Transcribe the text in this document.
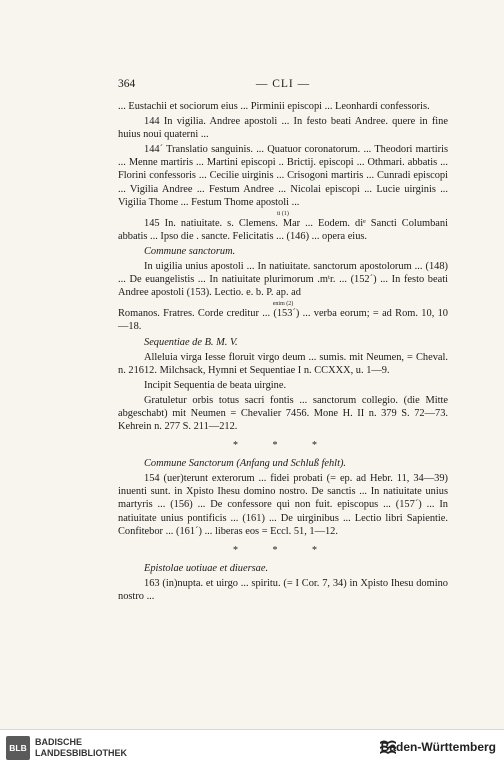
364	— CLI —

... Eustachii et sociorum eius ... Pirminii episcopi ... Leonhardi confessoris.

144 In vigilia. Andree apostoli ... In festo beati Andree. quere in fine huius noui quaterni ...

144´ Translatio sanguinis. ... Quatuor coronatorum. ... Theodori martiris ... Menne martiris ... Martini episcopi .. Brictij. episcopi ... Othmari. abbatis ... Florini confessoris ... Cecilie uirginis ... Crisogoni martiris ... Cunradi episcopi ... Vigilia Andree ... Festum Andree ... Nicolai episcopi ... Lucie uirginis ... Vigilia Thome ... Festum Thome apostoli ...

ti (1)

145 In. natiuitate. s. Clemens. Mar ... Eodem. diᵉ Sancti Columbani abbatis ... Ipso die . sancte. Felicitatis ... (146) ... opera eius.

Commune sanctorum.

In uigilia unius apostoli ... In natiuitate. sanctorum apostolorum ... (148) ... De euangelistis ... In natiuitate plurimorum .mᵗr. ... (152´) ... In festo beati Andree apostoli (153). Lectio. e. b. P. ap. ad

enim (2)

Romanos. Fratres. Corde creditur ... (153´) ... verba eorum; = ad Rom. 10, 10—18.

Sequentiae de B. M. V.

Alleluia virga Iesse floruit virgo deum ... sumis. mit Neumen, = Cheval. n. 21612. Milchsack, Hymni et Sequentiae I n. CCXXX, u. 1—9.

Incipit Sequentia de beata uirgine.

Gratuletur orbis totus sacri fontis ... sanctorum collegio. (die Mitte abgeschabt) mit Neumen = Chevalier 7456. Mone H. II n. 379 S. 72—73. Kehrein n. 277 S. 211—212.

* * *

Commune Sanctorum (Anfang und Schluß fehlt).

154 (uer)terunt exterorum ... fidei probati (= ep. ad Hebr. 11, 34—39) inuenti sunt. in Xpisto Ihesu domino nostro. De sanctis ... In natiuitate unius martyris ... (156) ... De confessore qui non fuit. episcopus ... (157´) ... In natiuitate unius pontificis ... (161) ... De uirginibus ... Lectio libri Sapientie. Confitebor ... (161´) ... liberas eos = Eccl. 51, 1—12.

* * *

Epistolae uotiuae et diuersae.

163 (in)nupta. et uirgo ... spiritu. (= I Cor. 7, 34) in Xpisto Ihesu domino nostro ...

BLB
BADISCHE
LANDESBIBLIOTHEK	Baden-Württemberg
